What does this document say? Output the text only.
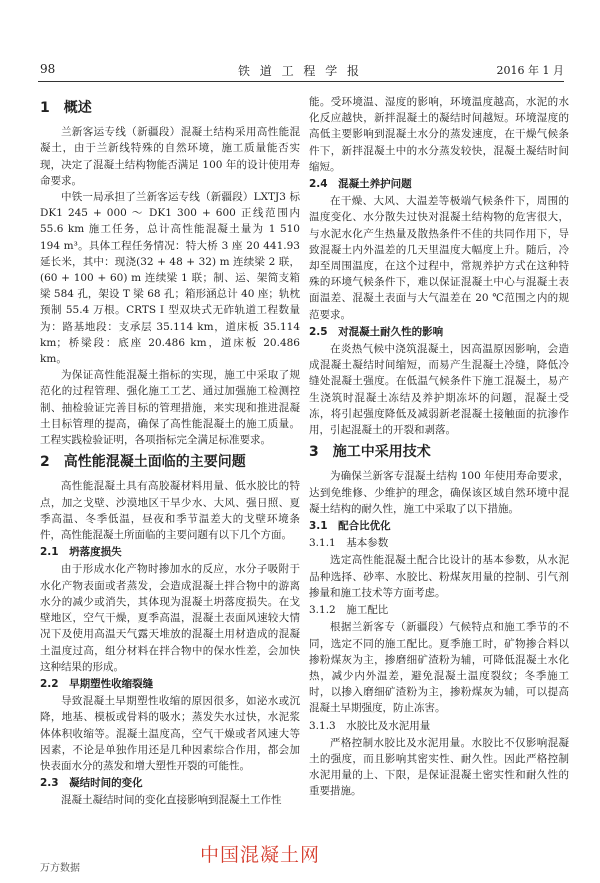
98	铁 道 工 程 学 报	2016 年 1 月
1　概述

兰新客运专线（新疆段）混凝土结构采用高性能混凝土，由于兰新线特殊的自然环境，施工质量能否实现，决定了混凝土结构物能否满足 100 年的设计使用寿命要求。

中铁一局承担了兰新客运专线（新疆段）LXTJ3 标 DK1 245 + 000 ～ DK1 300 + 600 正线范围内 55.6 km 施工任务，总计高性能混凝土量为 1 510 194 m³。具体工程任务情况：特大桥 3 座 20 441.93 延长米，其中：现浇(32 + 48 + 32) m 连续梁 2 联，(60 + 100 + 60) m 连续梁 1 联；制、运、架简支箱梁 584 孔，架设 T 梁 68 孔；箱形涵总计 40 座；轨枕预制 55.4 万根。CRTS Ⅰ 型双块式无砟轨道工程数量为：路基地段：支承层 35.114 km，道床板 35.114 km；桥梁段：底座 20.486 km，道床板 20.486 km。

为保证高性能混凝土指标的实现，施工中采取了规范化的过程管理、强化施工工艺、通过加强施工检测控制、抽检验证完善目标的管理措施，来实现和推进混凝土目标管理的提高，确保了高性能混凝土的施工质量。工程实践检验证明，各项指标完全满足标准要求。

2　高性能混凝土面临的主要问题

高性能混凝土具有高胶凝材料用量、低水胶比的特点，加之戈壁、沙漠地区干旱少水、大风、强日照、夏季高温、冬季低温，昼夜和季节温差大的戈壁环境条件，高性能混凝土所面临的主要问题有以下几个方面。

2.1　坍落度损失

由于形成水化产物时掺加水的反应，水分子吸附于水化产物表面或者蒸发，会造成混凝土拌合物中的游离水分的减少或消失，其体现为混凝土坍落度损失。在戈壁地区，空气干燥，夏季高温，混凝土表面风速较大情况下及使用高温天气露天堆放的混凝土用材造成的混凝土温度过高，组分材料在拌合物中的保水性差，会加快这种结果的形成。

2.2　早期塑性收缩裂缝

导致混凝土早期塑性收缩的原因很多，如泌水或沉降，地基、模板或骨料的吸水；蒸发失水过快，水泥浆体体积收缩等。混凝土温度高，空气干燥或者风速大等因素，不论是单独作用还是几种因素综合作用，都会加快表面水分的蒸发和增大塑性开裂的可能性。

2.3　凝结时间的变化

混凝土凝结时间的变化直接影响到混凝土工作性

能。受环境温、湿度的影响，环境温度越高，水泥的水化反应越快，新拌混凝土的凝结时间越短。环境湿度的高低主要影响到混凝土水分的蒸发速度，在干燥气候条件下，新拌混凝土中的水分蒸发较快，混凝土凝结时间缩短。

2.4　混凝土养护问题

在干燥、大风、大温差等极端气候条件下，周围的温度变化、水分散失过快对混凝土结构物的危害很大，与水泥水化产生热量及散热条件不佳的共同作用下，导致混凝土内外温差的几天里温度大幅度上升。随后，冷却至周围温度，在这个过程中，常规养护方式在这种特殊的环境气候条件下，难以保证混凝土中心与混凝土表面温差、混凝土表面与大气温差在 20 ℃范围之内的规范要求。

2.5　对混凝土耐久性的影响

在炎热气候中浇筑混凝土，因高温原因影响，会造成混凝土凝结时间缩短，而易产生混凝土冷缝，降低冷缝处混凝土强度。在低温气候条件下施工混凝土，易产生浇筑时混凝土冻结及养护期冻坏的问题，混凝土受冻，将引起强度降低及减弱新老混凝土接触面的抗渗作用，引起混凝土的开裂和剥落。

3　施工中采用技术

为确保兰新客专混凝土结构 100 年使用寿命要求，达到免维修、少维护的理念，确保该区域自然环境中混凝土结构的耐久性，施工中采取了以下措施。

3.1　配合比优化
3.1.1　基本参数

选定高性能混凝土配合比设计的基本参数，从水泥品种选择、砂率、水胶比、粉煤灰用量的控制、引气剂掺量和施工技术等方面考虑。

3.1.2　施工配比

根据兰新客专（新疆段）气候特点和施工季节的不同，选定不同的施工配比。夏季施工时，矿物掺合料以掺粉煤灰为主，掺磨细矿渣粉为辅，可降低混凝土水化热，减少内外温差，避免混凝土温度裂纹；冬季施工时，以掺入磨细矿渣粉为主，掺粉煤灰为辅，可以提高混凝土早期强度，防止冻害。

3.1.3　水胶比及水泥用量

严格控制水胶比及水泥用量。水胶比不仅影响混凝土的强度，而且影响其密实性、耐久性。因此严格控制水泥用量的上、下限，是保证混凝土密实性和耐久性的重要措施。

中国混凝土网
万方数据
